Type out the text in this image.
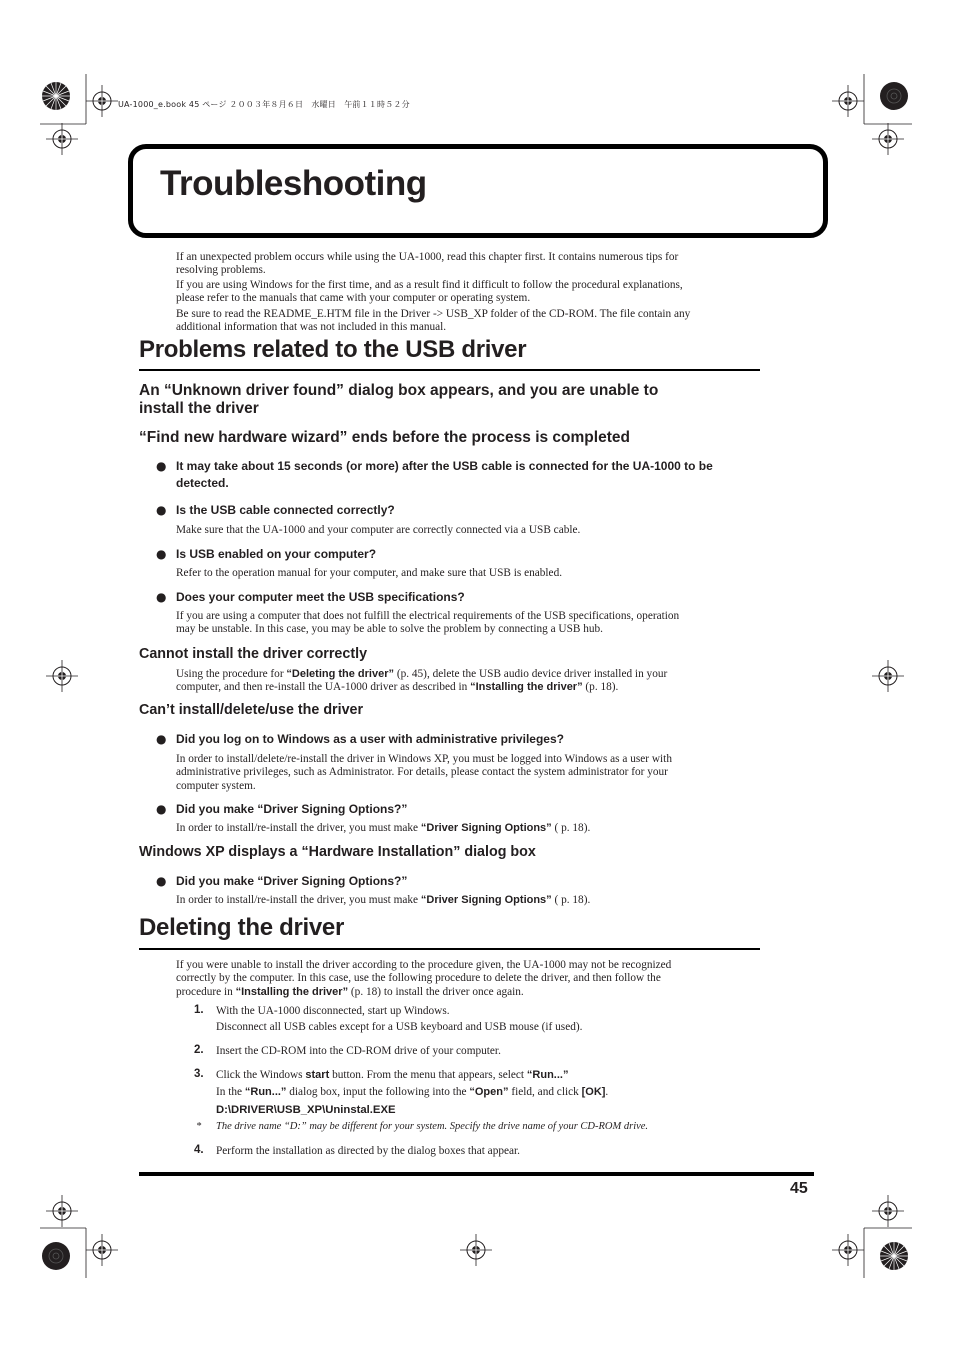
UA-1000_e.book 45 ページ ２００３年８月６日　水曜日　午前１１時５２分
Troubleshooting
If an unexpected problem occurs while using the UA-1000, read this chapter first. It contains numerous tips for
resolving problems.
If you are using Windows for the first time, and as a result find it difficult to follow the procedural explanations,
please refer to the manuals that came with your computer or operating system.
Be sure to read the README_E.HTM file in the Driver -> USB_XP folder of the CD-ROM. The file contain any
additional information that was not included in this manual.
Problems related to the USB driver
An “Unknown driver found” dialog box appears, and you are unable to
install the driver
“Find new hardware wizard” ends before the process is completed
● It may take about 15 seconds (or more) after the USB cable is connected for the UA-1000 to be
detected.
● Is the USB cable connected correctly?
Make sure that the UA-1000 and your computer are correctly connected via a USB cable.
● Is USB enabled on your computer?
Refer to the operation manual for your computer, and make sure that USB is enabled.
● Does your computer meet the USB specifications?
If you are using a computer that does not fulfill the electrical requirements of the USB specifications, operation
may be unstable. In this case, you may be able to solve the problem by connecting a USB hub.
Cannot install the driver correctly
Using the procedure for “Deleting the driver” (p. 45), delete the USB audio device driver installed in your
computer, and then re-install the UA-1000 driver as described in “Installing the driver” (p. 18).
Can’t install/delete/use the driver
● Did you log on to Windows as a user with administrative privileges?
In order to install/delete/re-install the driver in Windows XP, you must be logged into Windows as a user with
administrative privileges, such as Administrator. For details, please contact the system administrator for your
computer system.
● Did you make “Driver Signing Options?”
In order to install/re-install the driver, you must make “Driver Signing Options” ( p. 18).
Windows XP displays a “Hardware Installation” dialog box
● Did you make “Driver Signing Options?”
In order to install/re-install the driver, you must make “Driver Signing Options” ( p. 18).
Deleting the driver
If you were unable to install the driver according to the procedure given, the UA-1000 may not be recognized
correctly by the computer. In this case, use the following procedure to delete the driver, and then follow the
procedure in “Installing the driver” (p. 18) to install the driver once again.
1. With the UA-1000 disconnected, start up Windows.
Disconnect all USB cables except for a USB keyboard and USB mouse (if used).
2. Insert the CD-ROM into the CD-ROM drive of your computer.
3. Click the Windows start button. From the menu that appears, select “Run...”
In the “Run...” dialog box, input the following into the “Open” field, and click [OK].
D:\DRIVER\USB_XP\Uninstal.EXE
* The drive name “D:” may be different for your system. Specify the drive name of your CD-ROM drive.
4. Perform the installation as directed by the dialog boxes that appear.
45
